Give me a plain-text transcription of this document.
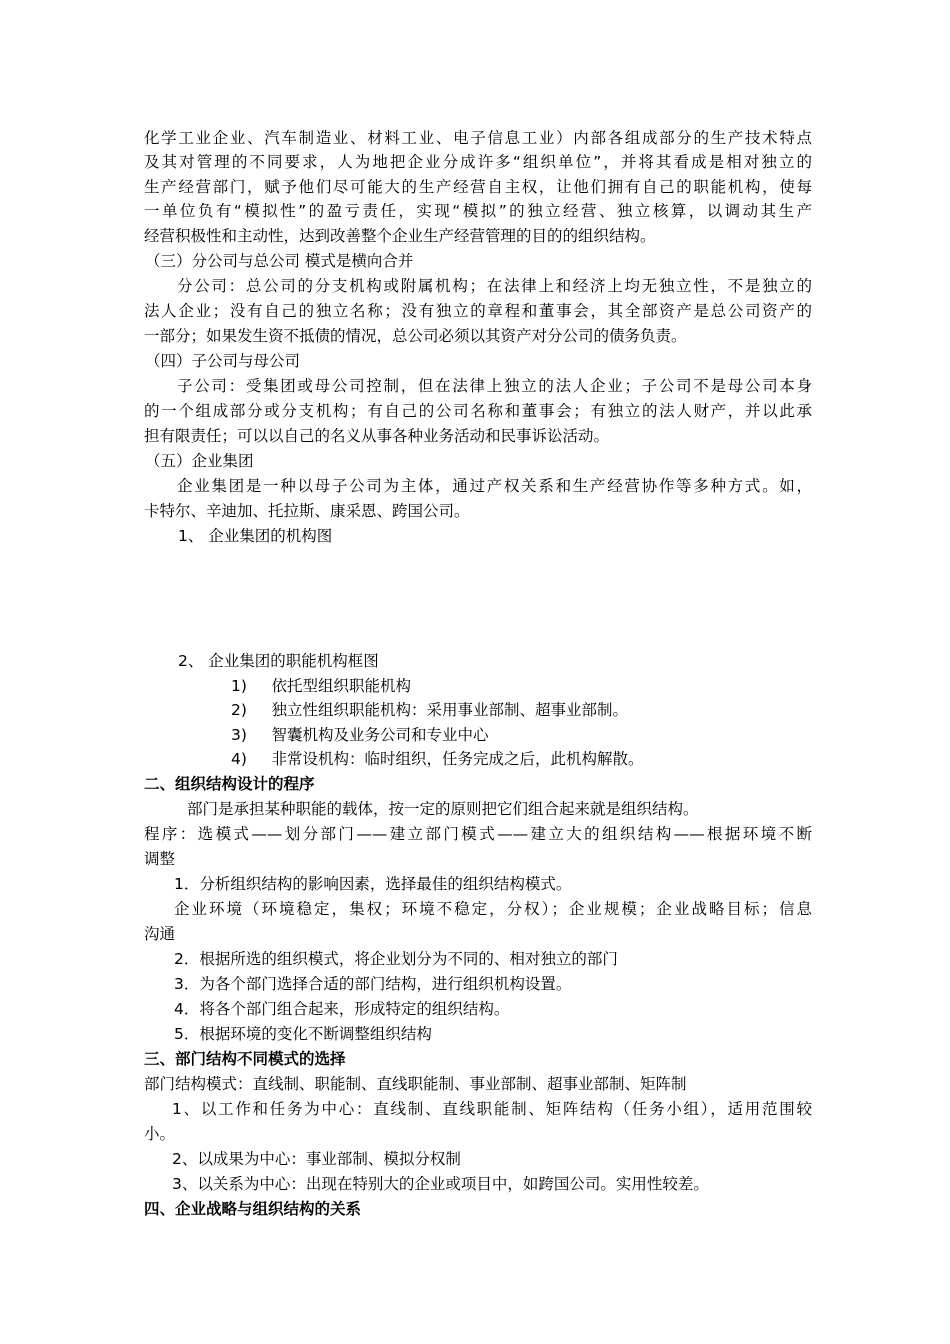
化学工业企业、汽车制造业、材料工业、电子信息工业）内部各组成部分的生产技术特点
及其对管理的不同要求，人为地把企业分成许多“组织单位”，并将其看成是相对独立的
生产经营部门，赋予他们尽可能大的生产经营自主权，让他们拥有自己的职能机构，使每
一单位负有“模拟性”的盈亏责任，实现“模拟”的独立经营、独立核算，以调动其生产
经营积极性和主动性，达到改善整个企业生产经营管理的目的的组织结构。
（三）分公司与总公司 模式是横向合并
分公司：总公司的分支机构或附属机构；在法律上和经济上均无独立性，不是独立的
法人企业；没有自己的独立名称；没有独立的章程和董事会，其全部资产是总公司资产的
一部分；如果发生资不抵债的情况，总公司必须以其资产对分公司的债务负责。
（四）子公司与母公司
子公司：受集团或母公司控制，但在法律上独立的法人企业；子公司不是母公司本身
的一个组成部分或分支机构；有自己的公司名称和董事会；有独立的法人财产，并以此承
担有限责任；可以以自己的名义从事各种业务活动和民事诉讼活动。
（五）企业集团
企业集团是一种以母子公司为主体，通过产权关系和生产经营协作等多种方式。如，
卡特尔、辛迪加、托拉斯、康采恩、跨国公司。
1、 企业集团的机构图
2、 企业集团的职能机构框图
1)     依托型组织职能机构
2)     独立性组织职能机构：采用事业部制、超事业部制。
3)     智囊机构及业务公司和专业中心
4)     非常设机构：临时组织，任务完成之后，此机构解散。
二、组织结构设计的程序
部门是承担某种职能的载体，按一定的原则把它们组合起来就是组织结构。
程序：选模式——划分部门——建立部门模式——建立大的组织结构——根据环境不断
调整
1．分析组织结构的影响因素，选择最佳的组织结构模式。
企业环境（环境稳定，集权；环境不稳定，分权）；企业规模；企业战略目标；信息
沟通
2．根据所选的组织模式，将企业划分为不同的、相对独立的部门
3．为各个部门选择合适的部门结构，进行组织机构设置。
4．将各个部门组合起来，形成特定的组织结构。
5．根据环境的变化不断调整组织结构
三、部门结构不同模式的选择
部门结构模式：直线制、职能制、直线职能制、事业部制、超事业部制、矩阵制
1、以工作和任务为中心：直线制、直线职能制、矩阵结构（任务小组），适用范围较
小。
2、以成果为中心：事业部制、模拟分权制
3、以关系为中心：出现在特别大的企业或项目中，如跨国公司。实用性较差。
四、企业战略与组织结构的关系
